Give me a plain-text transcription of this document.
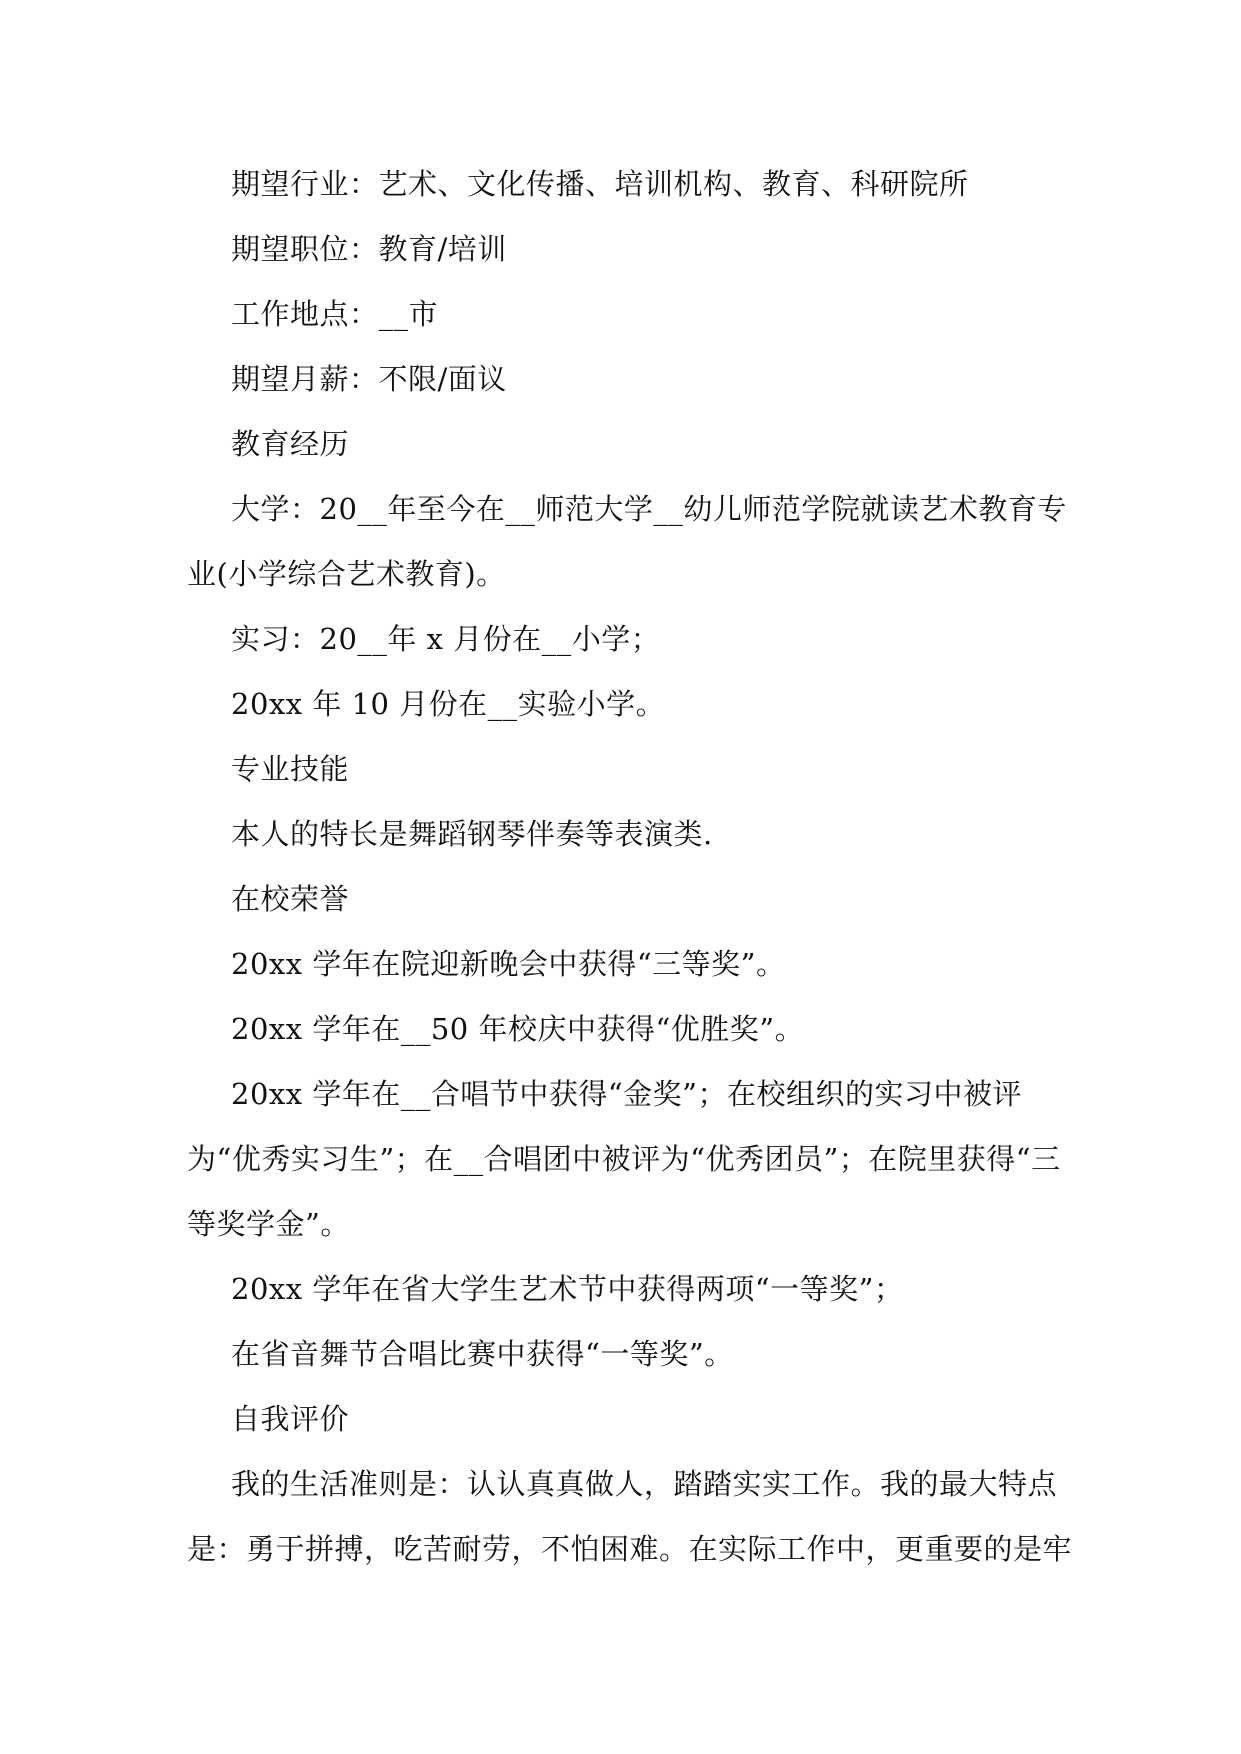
期望行业：艺术、文化传播、培训机构、教育、科研院所

期望职位：教育/培训

工作地点：__市

期望月薪：不限/面议

教育经历

大学：20__年至今在__师范大学__幼儿师范学院就读艺术教育专业(小学综合艺术教育)。

实习：20__年 x 月份在__小学；

20xx 年 10 月份在__实验小学。

专业技能

本人的特长是舞蹈钢琴伴奏等表演类.

在校荣誉

20xx 学年在院迎新晚会中获得“三等奖”。

20xx 学年在__50 年校庆中获得“优胜奖”。

20xx 学年在__合唱节中获得“金奖”；在校组织的实习中被评为“优秀实习生”；在__合唱团中被评为“优秀团员”；在院里获得“三等奖学金”。

20xx 学年在省大学生艺术节中获得两项“一等奖”；

在省音舞节合唱比赛中获得“一等奖”。

自我评价

我的生活准则是：认认真真做人，踏踏实实工作。我的最大特点是：勇于拼搏，吃苦耐劳，不怕困难。在实际工作中，更重要的是牢
